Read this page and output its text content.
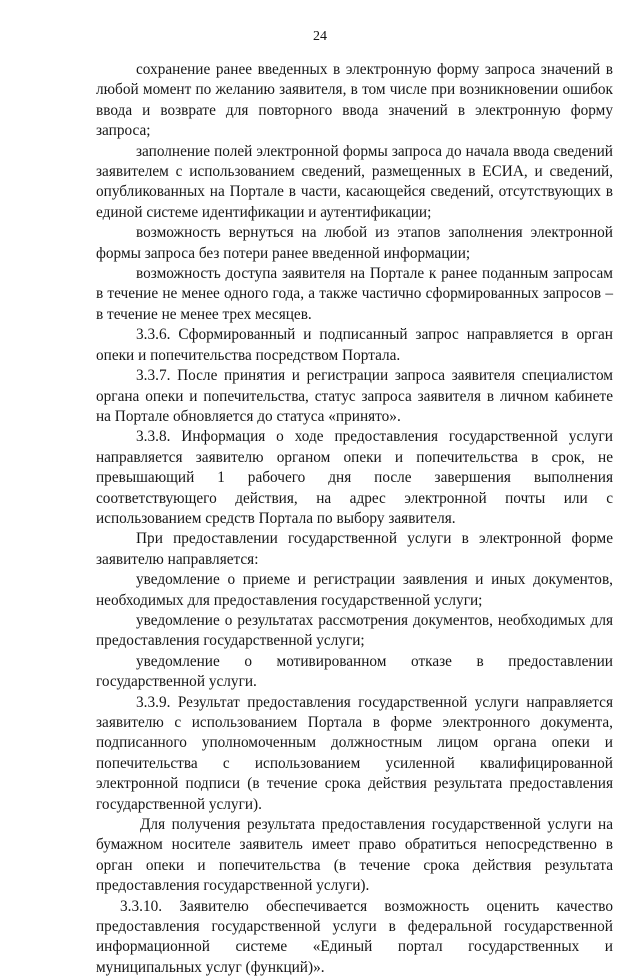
24

сохранение ранее введенных в электронную форму запроса значений в любой момент по желанию заявителя, в том числе при возникновении ошибок ввода и возврате для повторного ввода значений в электронную форму запроса;

заполнение полей электронной формы запроса до начала ввода сведений заявителем с использованием сведений, размещенных в ЕСИА, и сведений, опубликованных на Портале в части, касающейся сведений, отсутствующих в единой системе идентификации и аутентификации;

возможность вернуться на любой из этапов заполнения электронной формы запроса без потери ранее введенной информации;

возможность доступа заявителя на Портале к ранее поданным запросам в течение не менее одного года, а также частично сформированных запросов – в течение не менее трех месяцев.

3.3.6. Сформированный и подписанный запрос направляется в орган опеки и попечительства посредством Портала.

3.3.7. После принятия и регистрации запроса заявителя специалистом органа опеки и попечительства, статус запроса заявителя в личном кабинете на Портале обновляется до статуса «принято».

3.3.8. Информация о ходе предоставления государственной услуги направляется заявителю органом опеки и попечительства в срок, не превышающий 1 рабочего дня после завершения выполнения соответствующего действия, на адрес электронной почты или с использованием средств Портала по выбору заявителя.

При предоставлении государственной услуги в электронной форме заявителю направляется:

уведомление о приеме и регистрации заявления и иных документов, необходимых для предоставления государственной услуги;

уведомление о результатах рассмотрения документов, необходимых для предоставления государственной услуги;

уведомление о мотивированном отказе в предоставлении государственной услуги.

3.3.9. Результат предоставления государственной услуги направляется заявителю с использованием Портала в форме электронного документа, подписанного уполномоченным должностным лицом органа опеки и попечительства с использованием усиленной квалифицированной электронной подписи (в течение срока действия результата предоставления государственной услуги).

Для получения результата предоставления государственной услуги на бумажном носителе заявитель имеет право обратиться непосредственно в орган опеки и попечительства (в течение срока действия результата предоставления государственной услуги).

3.3.10. Заявителю обеспечивается возможность оценить качество предоставления государственной услуги в федеральной государственной информационной системе «Единый портал государственных и муниципальных услуг (функций)».
